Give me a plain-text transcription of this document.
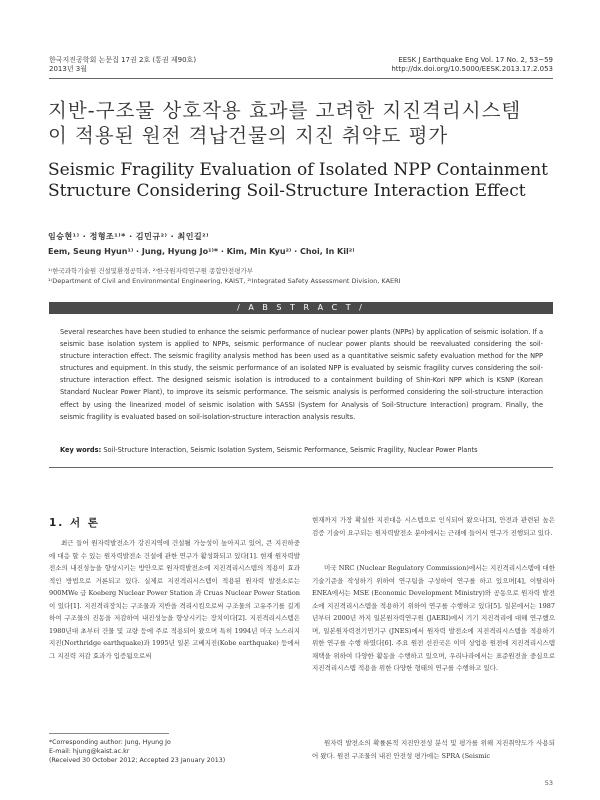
한국지진공학회 논문집 17권 2호 (통권 제90호)
2013년 3월
EESK J Earthquake Eng Vol. 17 No. 2, 53~59
http://dx.doi.org/10.5000/EESK.2013.17.2.053
지반-구조물 상호작용 효과를 고려한 지진격리시스템
이 적용된 원전 격납건물의 지진 취약도 평가
Seismic Fragility Evaluation of Isolated NPP Containment
Structure Considering Soil-Structure Interaction Effect
임승현¹⁾ · 정형조¹⁾* · 김민규²⁾ · 최인길²⁾
Eem, Seung Hyun¹⁾ · Jung, Hyung Jo¹⁾* · Kim, Min Kyu²⁾ · Choi, In Kil²⁾
¹⁾한국과학기술원 건설및환경공학과, ²⁾한국원자력연구원 종합안전평가부
¹⁾Department of Civil and Environmental Engineering, KAIST, ²⁾Integrated Safety Assessment Division, KAERI
/ A B S T R A C T /
Several researches have been studied to enhance the seismic performance of nuclear power plants (NPPs) by application of seismic isolation. If a seismic base isolation system is applied to NPPs, seismic performance of nuclear power plants should be reevaluated considering the soil-structure interaction effect. The seismic fragility analysis method has been used as a quantitative seismic safety evaluation method for the NPP structures and equipment. In this study, the seismic performance of an isolated NPP is evaluated by seismic fragility curves considering the soil-structure interaction effect. The designed seismic isolation is introduced to a containment building of Shin-Kori NPP which is KSNP (Korean Standard Nuclear Power Plant), to improve its seismic performance. The seismic analysis is performed considering the soil-structure interaction effect by using the linearized model of seismic isolation with SASSI (System for Analysis of Soil-Structure Interaction) program. Finally, the seismic fragility is evaluated based on soil-isolation-structure interaction analysis results.
Key words: Soil-Structure Interaction, Seismic Isolation System, Seismic Performance, Seismic Fragility, Nuclear Power Plants
1. 서 론
최근 들어 원자력발전소가 강진지역에 건설될 가능성이 높아지고 있어, 큰 지진하중에 대응 할 수 있는 원자력발전소 건설에 관한 연구가 활성화되고 있다[1]. 현재 원자력발전소의 내진성능을 향상시키는 방안으로 원자력발전소에 지진격리시스템의 적용이 효과적인 방법으로 거론되고 있다. 실제로 지진격리시스템이 적용된 원자력 발전소로는 900MWe 급 Koeberg Nuclear Power Station 과 Cruas Nuclear Power Station이 있다[1]. 지진격리장치는 구조물과 지반을 격리시킴으로써 구조물의 고유주기를 길게 하여 구조물의 진동을 저감하여 내진성능을 향상시키는 장치이다[2]. 지진격리시스템은 1980년대 초부터 건물 및 교량 등에 주로 적용되어 왔으며 특히 1994년 미국 노스리지지진(Northridge earthquake)과 1995년 일본 고베지진(Kobe earthquake) 등에서 그 지진력 저감 효과가 입증됨으로써
현재까지 가장 확실한 지진대응 시스템으로 인식되어 왔으나[3], 안전과 관련된 높은 검증 기술이 요구되는 원자력발전소 분야에서는 근래에 들어서 연구가 진행되고 있다.
미국 NRC (Nuclear Regulatory Commission)에서는 지진격리시스템에 대한 기술기준을 작성하기 위하여 연구팀을 구성하여 연구를 하고 있으며[4], 이탈리아 ENEA에서는 MSE (Economic Development Ministry)와 공동으로 원자력 발전소에 지진격리시스템을 적용하기 위하여 연구를 수행하고 있다[5]. 일본에서는 1987년부터 2000년 까지 일본원자력연구원 (JAERI)에서 기기 지진격리에 대해 연구했으며, 일본원자력전기연기구 (JNES)에서 원자력 발전소에 지진격리시스템을 적용하기 위한 연구를 수행 하였다[6]. 주요 원전 선진국은 이미 상업용 원전에 지진격리시스템 채택을 위하여 다양한 활동을 수행하고 있으며, 우리나라에서는 표준원전을 중심으로 지진격리시스템 적용을 위한 다양한 형태의 연구를 수행하고 있다.
원자력 발전소의 확률론적 지진안전성 분석 및 평가를 위해 지진취약도가 사용되어 왔다. 원전 구조물의 내진 안전성 평가에는 SPRA (Seismic
*Corresponding author: Jung, Hyung Jo
E-mail: hjung@kaist.ac.kr
(Received 30 October 2012; Accepted 23 January 2013)
53
